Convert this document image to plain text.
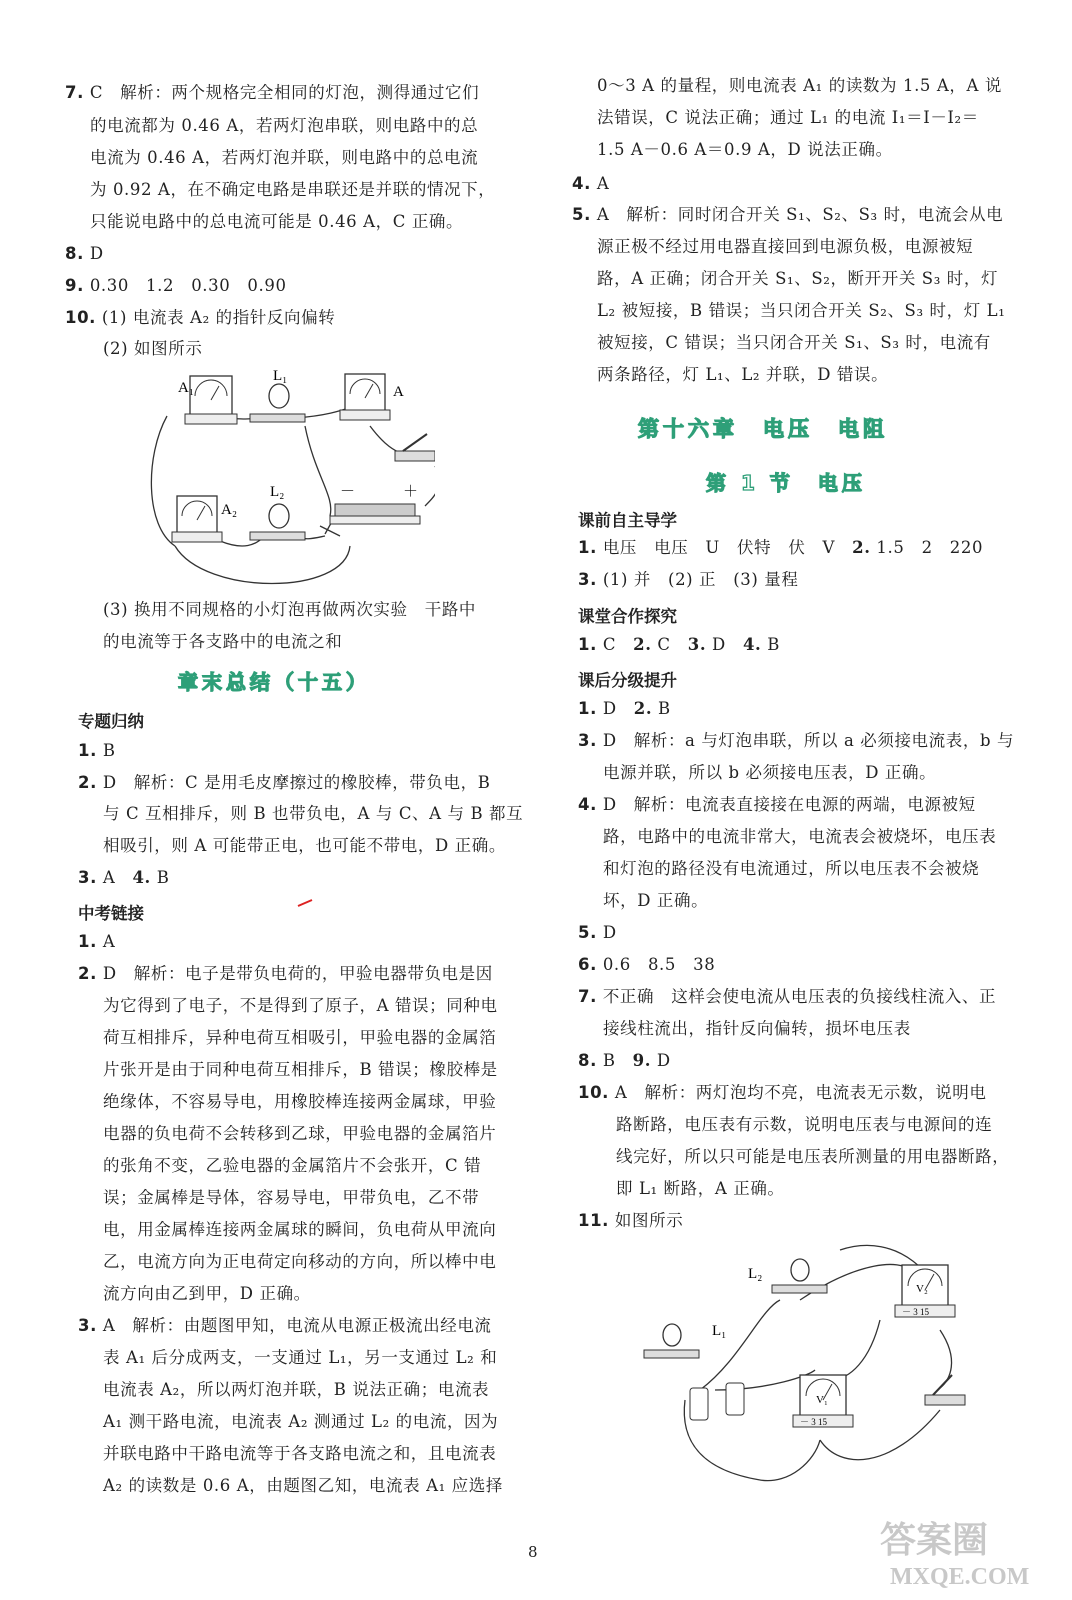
7. C　解析：两个规格完全相同的灯泡，测得通过它们
的电流都为 0.46 A，若两灯泡串联，则电路中的总
电流为 0.46 A，若两灯泡并联，则电路中的总电流
为 0.92 A，在不确定电路是串联还是并联的情况下，
只能说电路中的总电流可能是 0.46 A，C 正确。
8. D
9. 0.30　1.2　0.30　0.90
10. (1) 电流表 A₂ 的指针反向偏转
(2) 如图所示
(3) 换用不同规格的小灯泡再做两次实验　干路中
的电流等于各支路中的电流之和
1. B
2. D　解析：C 是用毛皮摩擦过的橡胶棒，带负电，B
与 C 互相排斥，则 B 也带负电，A 与 C、A 与 B 都互
相吸引，则 A 可能带正电，也可能不带电，D 正确。
3. A　4. B
1. A
2. D　解析：电子是带负电荷的，甲验电器带负电是因
为它得到了电子，不是得到了原子，A 错误；同种电
荷互相排斥，异种电荷互相吸引，甲验电器的金属箔
片张开是由于同种电荷互相排斥，B 错误；橡胶棒是
绝缘体，不容易导电，用橡胶棒连接两金属球，甲验
电器的负电荷不会转移到乙球，甲验电器的金属箔片
的张角不变，乙验电器的金属箔片不会张开，C 错
误；金属棒是导体，容易导电，甲带负电，乙不带
电，用金属棒连接两金属球的瞬间，负电荷从甲流向
乙，电流方向为正电荷定向移动的方向，所以棒中电
流方向由乙到甲，D 正确。
3. A　解析：由题图甲知，电流从电源正极流出经电流
表 A₁ 后分成两支，一支通过 L₁，另一支通过 L₂ 和
电流表 A₂，所以两灯泡并联，B 说法正确；电流表
A₁ 测干路电流，电流表 A₂ 测通过 L₂ 的电流，因为
并联电路中干路电流等于各支路电流之和，且电流表
A₂ 的读数是 0.6 A，由题图乙知，电流表 A₁ 应选择
专题归纳
中考链接
0～3 A 的量程，则电流表 A₁ 的读数为 1.5 A，A 说
法错误，C 说法正确；通过 L₁ 的电流 I₁＝I－I₂＝
1.5 A－0.6 A＝0.9 A，D 说法正确。
4. A
5. A　解析：同时闭合开关 S₁、S₂、S₃ 时，电流会从电
源正极不经过用电器直接回到电源负极，电源被短
路，A 正确；闭合开关 S₁、S₂，断开开关 S₃ 时，灯
L₂ 被短接，B 错误；当只闭合开关 S₂、S₃ 时，灯 L₁
被短接，C 错误；当只闭合开关 S₁、S₃ 时，电流有
两条路径，灯 L₁、L₂ 并联，D 错误。
1. 电压　电压　U　伏特　伏　V　2. 1.5　2　220
3. (1) 并　(2) 正　(3) 量程
1. C　2. C　3. D　4. B
1. D　2. B
3. D　解析：a 与灯泡串联，所以 a 必须接电流表，b 与
电源并联，所以 b 必须接电压表，D 正确。
4. D　解析：电流表直接接在电源的两端，电源被短
路，电路中的电流非常大，电流表会被烧坏，电压表
和灯泡的路径没有电流通过，所以电压表不会被烧
坏，D 正确。
5. D
6. 0.6　8.5　38
7. 不正确　这样会使电流从电压表的负接线柱流入、正
接线柱流出，指针反向偏转，损坏电压表
8. B　9. D
10. A　解析：两灯泡均不亮，电流表无示数，说明电
路断路，电压表有示数，说明电压表与电源间的连
线完好，所以只可能是电压表所测量的用电器断路，
即 L₁ 断路，A 正确。
11. 如图所示
课前自主导学
课堂合作探究
课后分级提升
章末总结（十五）
第十六章　电压　电阻
第 1 节　电压
A₁
L₁
A
A₂
L₂	－	＋
－ 3 15
－ 3 15
L₂
L₁
V₂
V₁
8	答案圈
MXQE.COM
